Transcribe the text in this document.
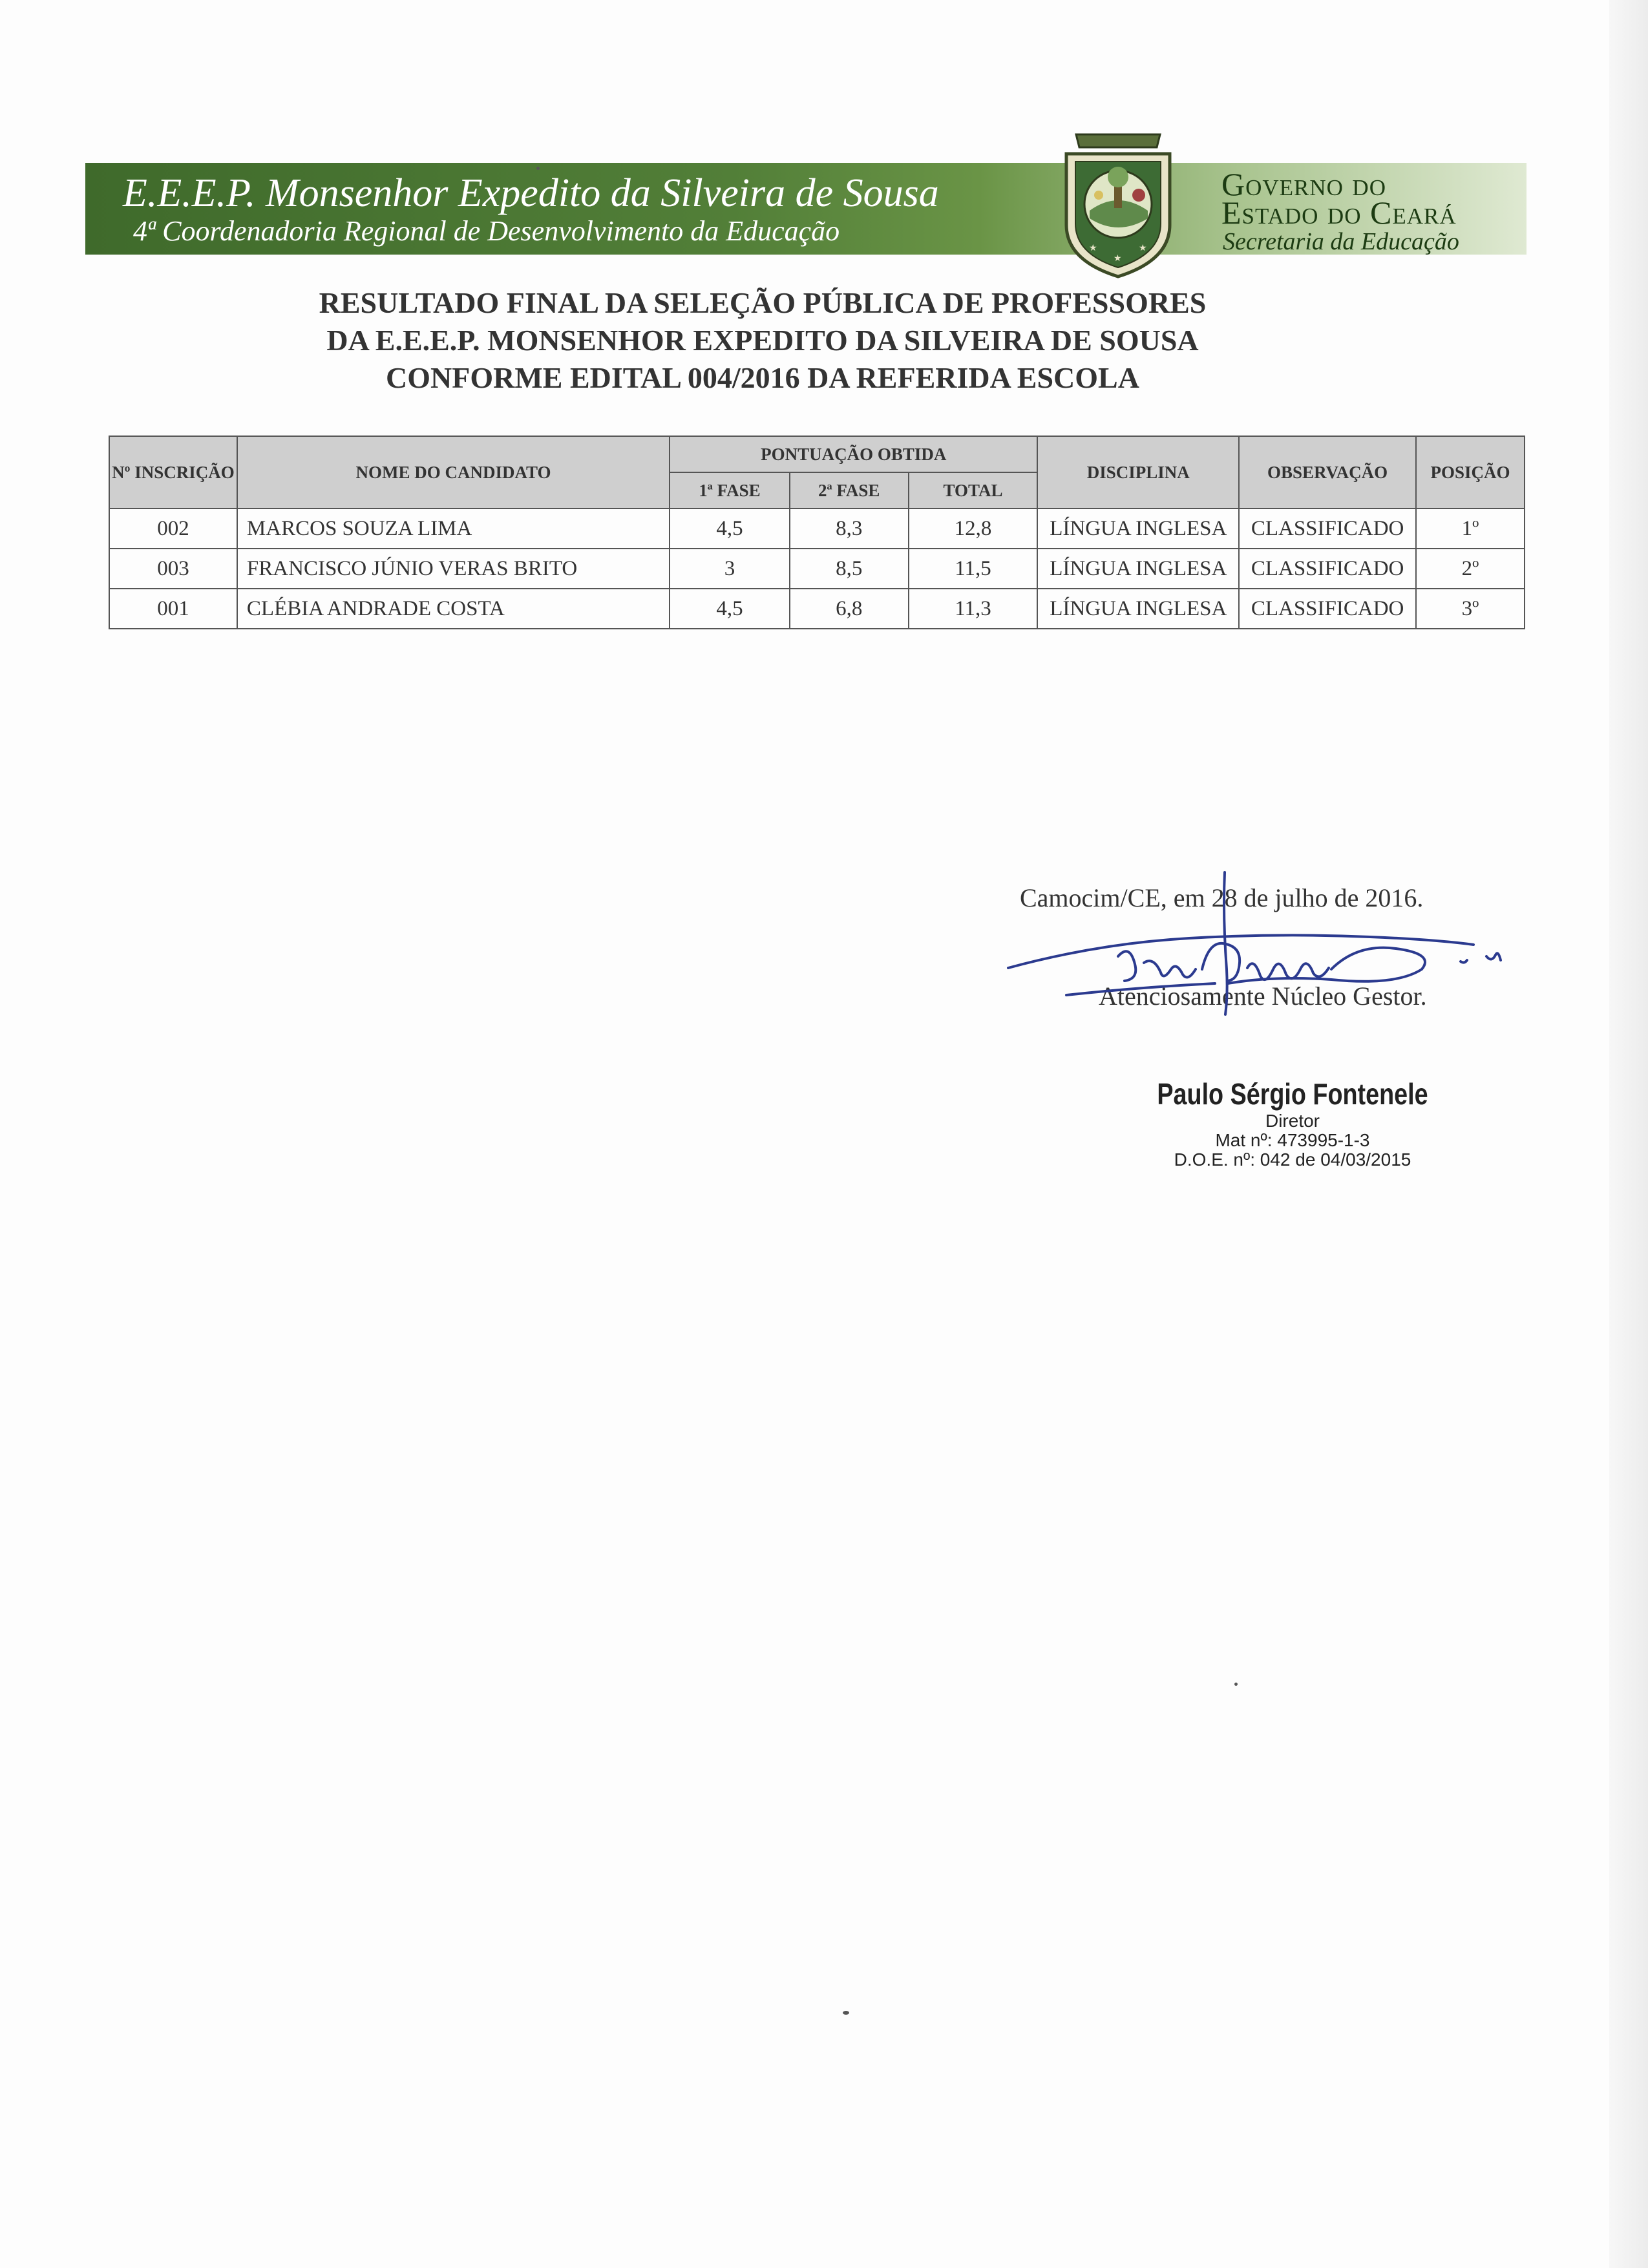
E.E.E.P. Monsenhor Expedito da Silveira de Sousa
4ª Coordenadoria Regional de Desenvolvimento da Educação
★	★
★
Governo do
Estado do Ceará
Secretaria da Educação
RESULTADO FINAL DA SELEÇÃO PÚBLICA DE PROFESSORES
DA E.E.E.P. MONSENHOR EXPEDITO DA SILVEIRA DE SOUSA
CONFORME EDITAL 004/2016 DA REFERIDA ESCOLA
Nº INSCRIÇÃO	NOME DO CANDIDATO	PONTUAÇÃO OBTIDA			DISCIPLINA	OBSERVAÇÃO	POSIÇÃO
		1ª FASE	2ª FASE	TOTAL			
002	MARCOS SOUZA LIMA	4,5	8,3	12,8	LÍNGUA INGLESA	CLASSIFICADO	1º
003	FRANCISCO JÚNIO VERAS BRITO	3	8,5	11,5	LÍNGUA INGLESA	CLASSIFICADO	2º
001	CLÉBIA ANDRADE COSTA	4,5	6,8	11,3	LÍNGUA INGLESA	CLASSIFICADO	3º
Camocim/CE, em 28 de julho de 2016.
Atenciosamente Núcleo Gestor.
Paulo Sérgio Fontenele
Diretor
Mat nº: 473995-1-3
D.O.E. nº: 042 de 04/03/2015
